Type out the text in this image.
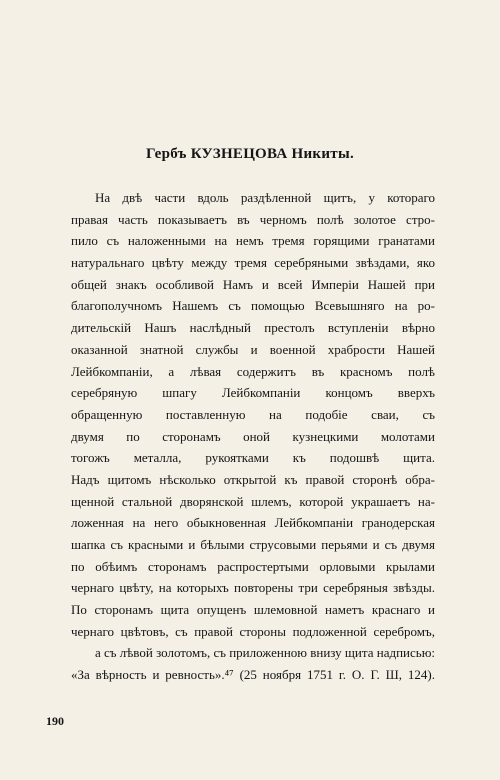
Гербъ КУЗНЕЦОВА Никиты.
На двѣ части вдоль раздѣленной щитъ, у котораго
правая часть показываетъ въ черномъ полѣ золотое стро-
пило съ наложенными на немъ тремя горящими гранатами
натуральнаго цвѣту между тремя серебряными звѣздами, яко
общей знакъ особливой Намъ и всей Имперіи Нашей при
благополучномъ Нашемъ съ помощью Всевышняго на ро-
дительскій Нашъ наслѣдный престолъ вступленіи вѣрно
оказанной знатной службы и военной храбрости Нашей
Лейбкомпаніи, а лѣвая содержитъ въ красномъ полѣ
серебряную шпагу Лейбкомпаніи концомъ вверхъ
обращенную поставленную на подобіе сваи, съ
двумя по сторонамъ оной кузнецкими молотами
тогожъ металла, рукоятками къ подошвѣ щита.
Надъ щитомъ нѣсколько открытой къ правой сторонѣ обра-
щенной стальной дворянской шлемъ, которой украшаетъ на-
ложенная на него обыкновенная Лейбкомпаніи гранодерская
шапка съ красными и бѣлыми струсовыми перьями и съ двумя
по обѣимъ сторонамъ распростертыми орловыми крылами
чернаго цвѣту, на которыхъ повторены три серебряныя звѣзды.
По сторонамъ щита опущенъ шлемовной наметъ краснаго и
чернаго цвѣтовъ, съ правой стороны подложенной серебромъ,
а съ лѣвой золотомъ, съ приложенною внизу щита надписью:
«За вѣрность и ревность».⁴⁷ (25 ноября 1751 г. О. Г. Ш, 124).
190
